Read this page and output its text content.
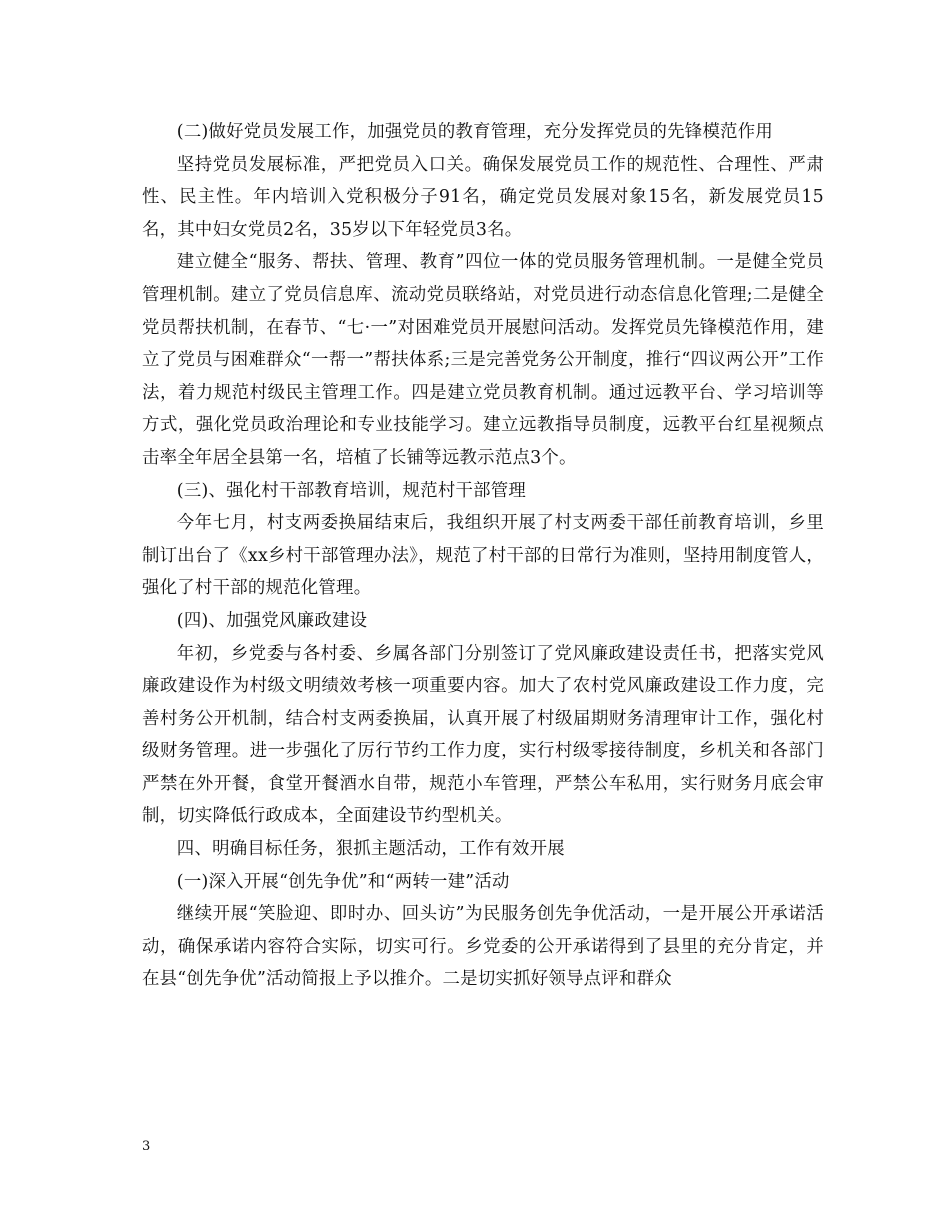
(二)做好党员发展工作，加强党员的教育管理，充分发挥党员的先锋模范作用

坚持党员发展标准，严把党员入口关。确保发展党员工作的规范性、合理性、严肃性、民主性。年内培训入党积极分子91名，确定党员发展对象15名，新发展党员15名，其中妇女党员2名，35岁以下年轻党员3名。

建立健全“服务、帮扶、管理、教育”四位一体的党员服务管理机制。一是健全党员管理机制。建立了党员信息库、流动党员联络站，对党员进行动态信息化管理;二是健全党员帮扶机制，在春节、“七·一”对困难党员开展慰问活动。发挥党员先锋模范作用，建立了党员与困难群众“一帮一”帮扶体系;三是完善党务公开制度，推行“四议两公开”工作法，着力规范村级民主管理工作。四是建立党员教育机制。通过远教平台、学习培训等方式，强化党员政治理论和专业技能学习。建立远教指导员制度，远教平台红星视频点击率全年居全县第一名，培植了长铺等远教示范点3个。

(三)、强化村干部教育培训，规范村干部管理

今年七月，村支两委换届结束后，我组织开展了村支两委干部任前教育培训，乡里制订出台了《xx乡村干部管理办法》，规范了村干部的日常行为准则，坚持用制度管人，强化了村干部的规范化管理。

(四)、加强党风廉政建设

年初，乡党委与各村委、乡属各部门分别签订了党风廉政建设责任书，把落实党风廉政建设作为村级文明绩效考核一项重要内容。加大了农村党风廉政建设工作力度，完善村务公开机制，结合村支两委换届，认真开展了村级届期财务清理审计工作，强化村级财务管理。进一步强化了厉行节约工作力度，实行村级零接待制度，乡机关和各部门严禁在外开餐，食堂开餐酒水自带，规范小车管理，严禁公车私用，实行财务月底会审制，切实降低行政成本，全面建设节约型机关。

四、明确目标任务，狠抓主题活动，工作有效开展

(一)深入开展“创先争优”和“两转一建”活动

继续开展“笑脸迎、即时办、回头访”为民服务创先争优活动，一是开展公开承诺活动，确保承诺内容符合实际，切实可行。乡党委的公开承诺得到了县里的充分肯定，并在县“创先争优”活动简报上予以推介。二是切实抓好领导点评和群众

3
